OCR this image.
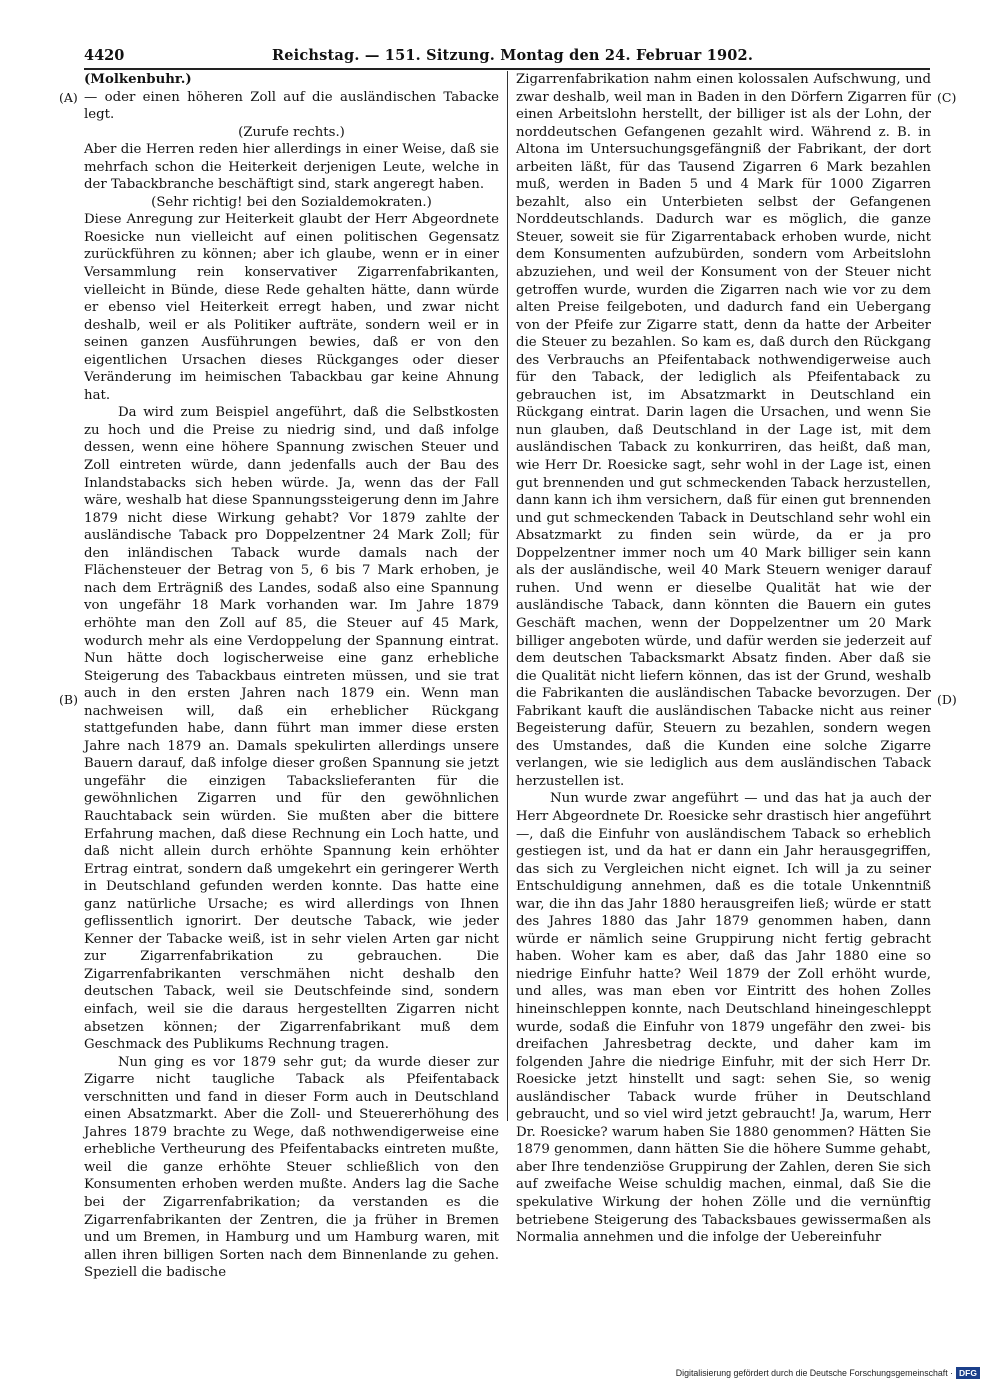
4420	Reichstag. — 151. Sitzung. Montag den 24. Februar 1902.
(A)
(B)
(C)
(D)

(Molkenbuhr.)

— oder einen höheren Zoll auf die ausländischen Tabacke legt.

(Zurufe rechts.)

Aber die Herren reden hier allerdings in einer Weise, daß sie mehrfach schon die Heiterkeit derjenigen Leute, welche in der Tabackbranche beschäftigt sind, stark angeregt haben.

(Sehr richtig! bei den Sozialdemokraten.)

Diese Anregung zur Heiterkeit glaubt der Herr Abgeordnete Roesicke nun vielleicht auf einen politischen Gegensatz zurückführen zu können; aber ich glaube, wenn er in einer Versammlung rein konservativer Zigarrenfabrikanten, vielleicht in Bünde, diese Rede gehalten hätte, dann würde er ebenso viel Heiterkeit erregt haben, und zwar nicht deshalb, weil er als Politiker aufträte, sondern weil er in seinen ganzen Ausführungen bewies, daß er von den eigentlichen Ursachen dieses Rückganges oder dieser Veränderung im heimischen Tabackbau gar keine Ahnung hat.

Da wird zum Beispiel angeführt, daß die Selbstkosten zu hoch und die Preise zu niedrig sind, und daß infolge dessen, wenn eine höhere Spannung zwischen Steuer und Zoll eintreten würde, dann jedenfalls auch der Bau des Inlandstabacks sich heben würde. Ja, wenn das der Fall wäre, weshalb hat diese Spannungssteigerung denn im Jahre 1879 nicht diese Wirkung gehabt? Vor 1879 zahlte der ausländische Taback pro Doppelzentner 24 Mark Zoll; für den inländischen Taback wurde damals nach der Flächensteuer der Betrag von 5, 6 bis 7 Mark erhoben, je nach dem Erträgniß des Landes, sodaß also eine Spannung von ungefähr 18 Mark vorhanden war. Im Jahre 1879 erhöhte man den Zoll auf 85, die Steuer auf 45 Mark, wodurch mehr als eine Verdoppelung der Spannung eintrat. Nun hätte doch logischerweise eine ganz erhebliche Steigerung des Tabackbaus eintreten müssen, und sie trat auch in den ersten Jahren nach 1879 ein. Wenn man nachweisen will, daß ein erheblicher Rückgang stattgefunden habe, dann führt man immer diese ersten Jahre nach 1879 an. Damals spekulirten allerdings unsere Bauern darauf, daß infolge dieser großen Spannung sie jetzt ungefähr die einzigen Tabackslieferanten für die gewöhnlichen Zigarren und für den gewöhnlichen Rauchtaback sein würden. Sie mußten aber die bittere Erfahrung machen, daß diese Rechnung ein Loch hatte, und daß nicht allein durch erhöhte Spannung kein erhöhter Ertrag eintrat, sondern daß umgekehrt ein geringerer Werth in Deutschland gefunden werden konnte. Das hatte eine ganz natürliche Ursache; es wird allerdings von Ihnen geflissentlich ignorirt. Der deutsche Taback, wie jeder Kenner der Tabacke weiß, ist in sehr vielen Arten gar nicht zur Zigarrenfabrikation zu gebrauchen. Die Zigarrenfabrikanten verschmähen nicht deshalb den deutschen Taback, weil sie Deutschfeinde sind, sondern einfach, weil sie die daraus hergestellten Zigarren nicht absetzen können; der Zigarrenfabrikant muß dem Geschmack des Publikums Rechnung tragen.

Nun ging es vor 1879 sehr gut; da wurde dieser zur Zigarre nicht taugliche Taback als Pfeifentaback verschnitten und fand in dieser Form auch in Deutschland einen Absatzmarkt. Aber die Zoll- und Steuererhöhung des Jahres 1879 brachte zu Wege, daß nothwendigerweise eine erhebliche Vertheurung des Pfeifentabacks eintreten mußte, weil die ganze erhöhte Steuer schließlich von den Konsumenten erhoben werden mußte. Anders lag die Sache bei der Zigarrenfabrikation; da verstanden es die Zigarrenfabrikanten der Zentren, die ja früher in Bremen und um Bremen, in Hamburg und um Hamburg waren, mit allen ihren billigen Sorten nach dem Binnenlande zu gehen. Speziell die badische

Zigarrenfabrikation nahm einen kolossalen Aufschwung, und zwar deshalb, weil man in Baden in den Dörfern Zigarren für einen Arbeitslohn herstellt, der billiger ist als der Lohn, der norddeutschen Gefangenen gezahlt wird. Während z. B. in Altona im Untersuchungsgefängniß der Fabrikant, der dort arbeiten läßt, für das Tausend Zigarren 6 Mark bezahlen muß, werden in Baden 5 und 4 Mark für 1000 Zigarren bezahlt, also ein Unterbieten selbst der Gefangenen Norddeutschlands. Dadurch war es möglich, die ganze Steuer, soweit sie für Zigarrentaback erhoben wurde, nicht dem Konsumenten aufzubürden, sondern vom Arbeitslohn abzuziehen, und weil der Konsument von der Steuer nicht getroffen wurde, wurden die Zigarren nach wie vor zu dem alten Preise feilgeboten, und dadurch fand ein Uebergang von der Pfeife zur Zigarre statt, denn da hatte der Arbeiter die Steuer zu bezahlen. So kam es, daß durch den Rückgang des Verbrauchs an Pfeifentaback nothwendigerweise auch für den Taback, der lediglich als Pfeifentaback zu gebrauchen ist, im Absatzmarkt in Deutschland ein Rückgang eintrat. Darin lagen die Ursachen, und wenn Sie nun glauben, daß Deutschland in der Lage ist, mit dem ausländischen Taback zu konkurriren, das heißt, daß man, wie Herr Dr. Roesicke sagt, sehr wohl in der Lage ist, einen gut brennenden und gut schmeckenden Taback herzustellen, dann kann ich ihm versichern, daß für einen gut brennenden und gut schmeckenden Taback in Deutschland sehr wohl ein Absatzmarkt zu finden sein würde, da er ja pro Doppelzentner immer noch um 40 Mark billiger sein kann als der ausländische, weil 40 Mark Steuern weniger darauf ruhen. Und wenn er dieselbe Qualität hat wie der ausländische Taback, dann könnten die Bauern ein gutes Geschäft machen, wenn der Doppelzentner um 20 Mark billiger angeboten würde, und dafür werden sie jederzeit auf dem deutschen Tabacksmarkt Absatz finden. Aber daß sie die Qualität nicht liefern können, das ist der Grund, weshalb die Fabrikanten die ausländischen Tabacke bevorzugen. Der Fabrikant kauft die ausländischen Tabacke nicht aus reiner Begeisterung dafür, Steuern zu bezahlen, sondern wegen des Umstandes, daß die Kunden eine solche Zigarre verlangen, wie sie lediglich aus dem ausländischen Taback herzustellen ist.

Nun wurde zwar angeführt — und das hat ja auch der Herr Abgeordnete Dr. Roesicke sehr drastisch hier angeführt —, daß die Einfuhr von ausländischem Taback so erheblich gestiegen ist, und da hat er dann ein Jahr herausgegriffen, das sich zu Vergleichen nicht eignet. Ich will ja zu seiner Entschuldigung annehmen, daß es die totale Unkenntniß war, die ihn das Jahr 1880 herausgreifen ließ; würde er statt des Jahres 1880 das Jahr 1879 genommen haben, dann würde er nämlich seine Gruppirung nicht fertig gebracht haben. Woher kam es aber, daß das Jahr 1880 eine so niedrige Einfuhr hatte? Weil 1879 der Zoll erhöht wurde, und alles, was man eben vor Eintritt des hohen Zolles hineinschleppen konnte, nach Deutschland hineingeschleppt wurde, sodaß die Einfuhr von 1879 ungefähr den zwei- bis dreifachen Jahresbetrag deckte, und daher kam im folgenden Jahre die niedrige Einfuhr, mit der sich Herr Dr. Roesicke jetzt hinstellt und sagt: sehen Sie, so wenig ausländischer Taback wurde früher in Deutschland gebraucht, und so viel wird jetzt gebraucht! Ja, warum, Herr Dr. Roesicke? warum haben Sie 1880 genommen? Hätten Sie 1879 genommen, dann hätten Sie die höhere Summe gehabt, aber Ihre tendenziöse Gruppirung der Zahlen, deren Sie sich auf zweifache Weise schuldig machen, einmal, daß Sie die spekulative Wirkung der hohen Zölle und die vernünftig betriebene Steigerung des Tabacksbaues gewissermaßen als Normalia annehmen und die infolge der Uebereinfuhr

Digitalisierung gefördert durch die Deutsche Forschungsgemeinschaft · DFG
